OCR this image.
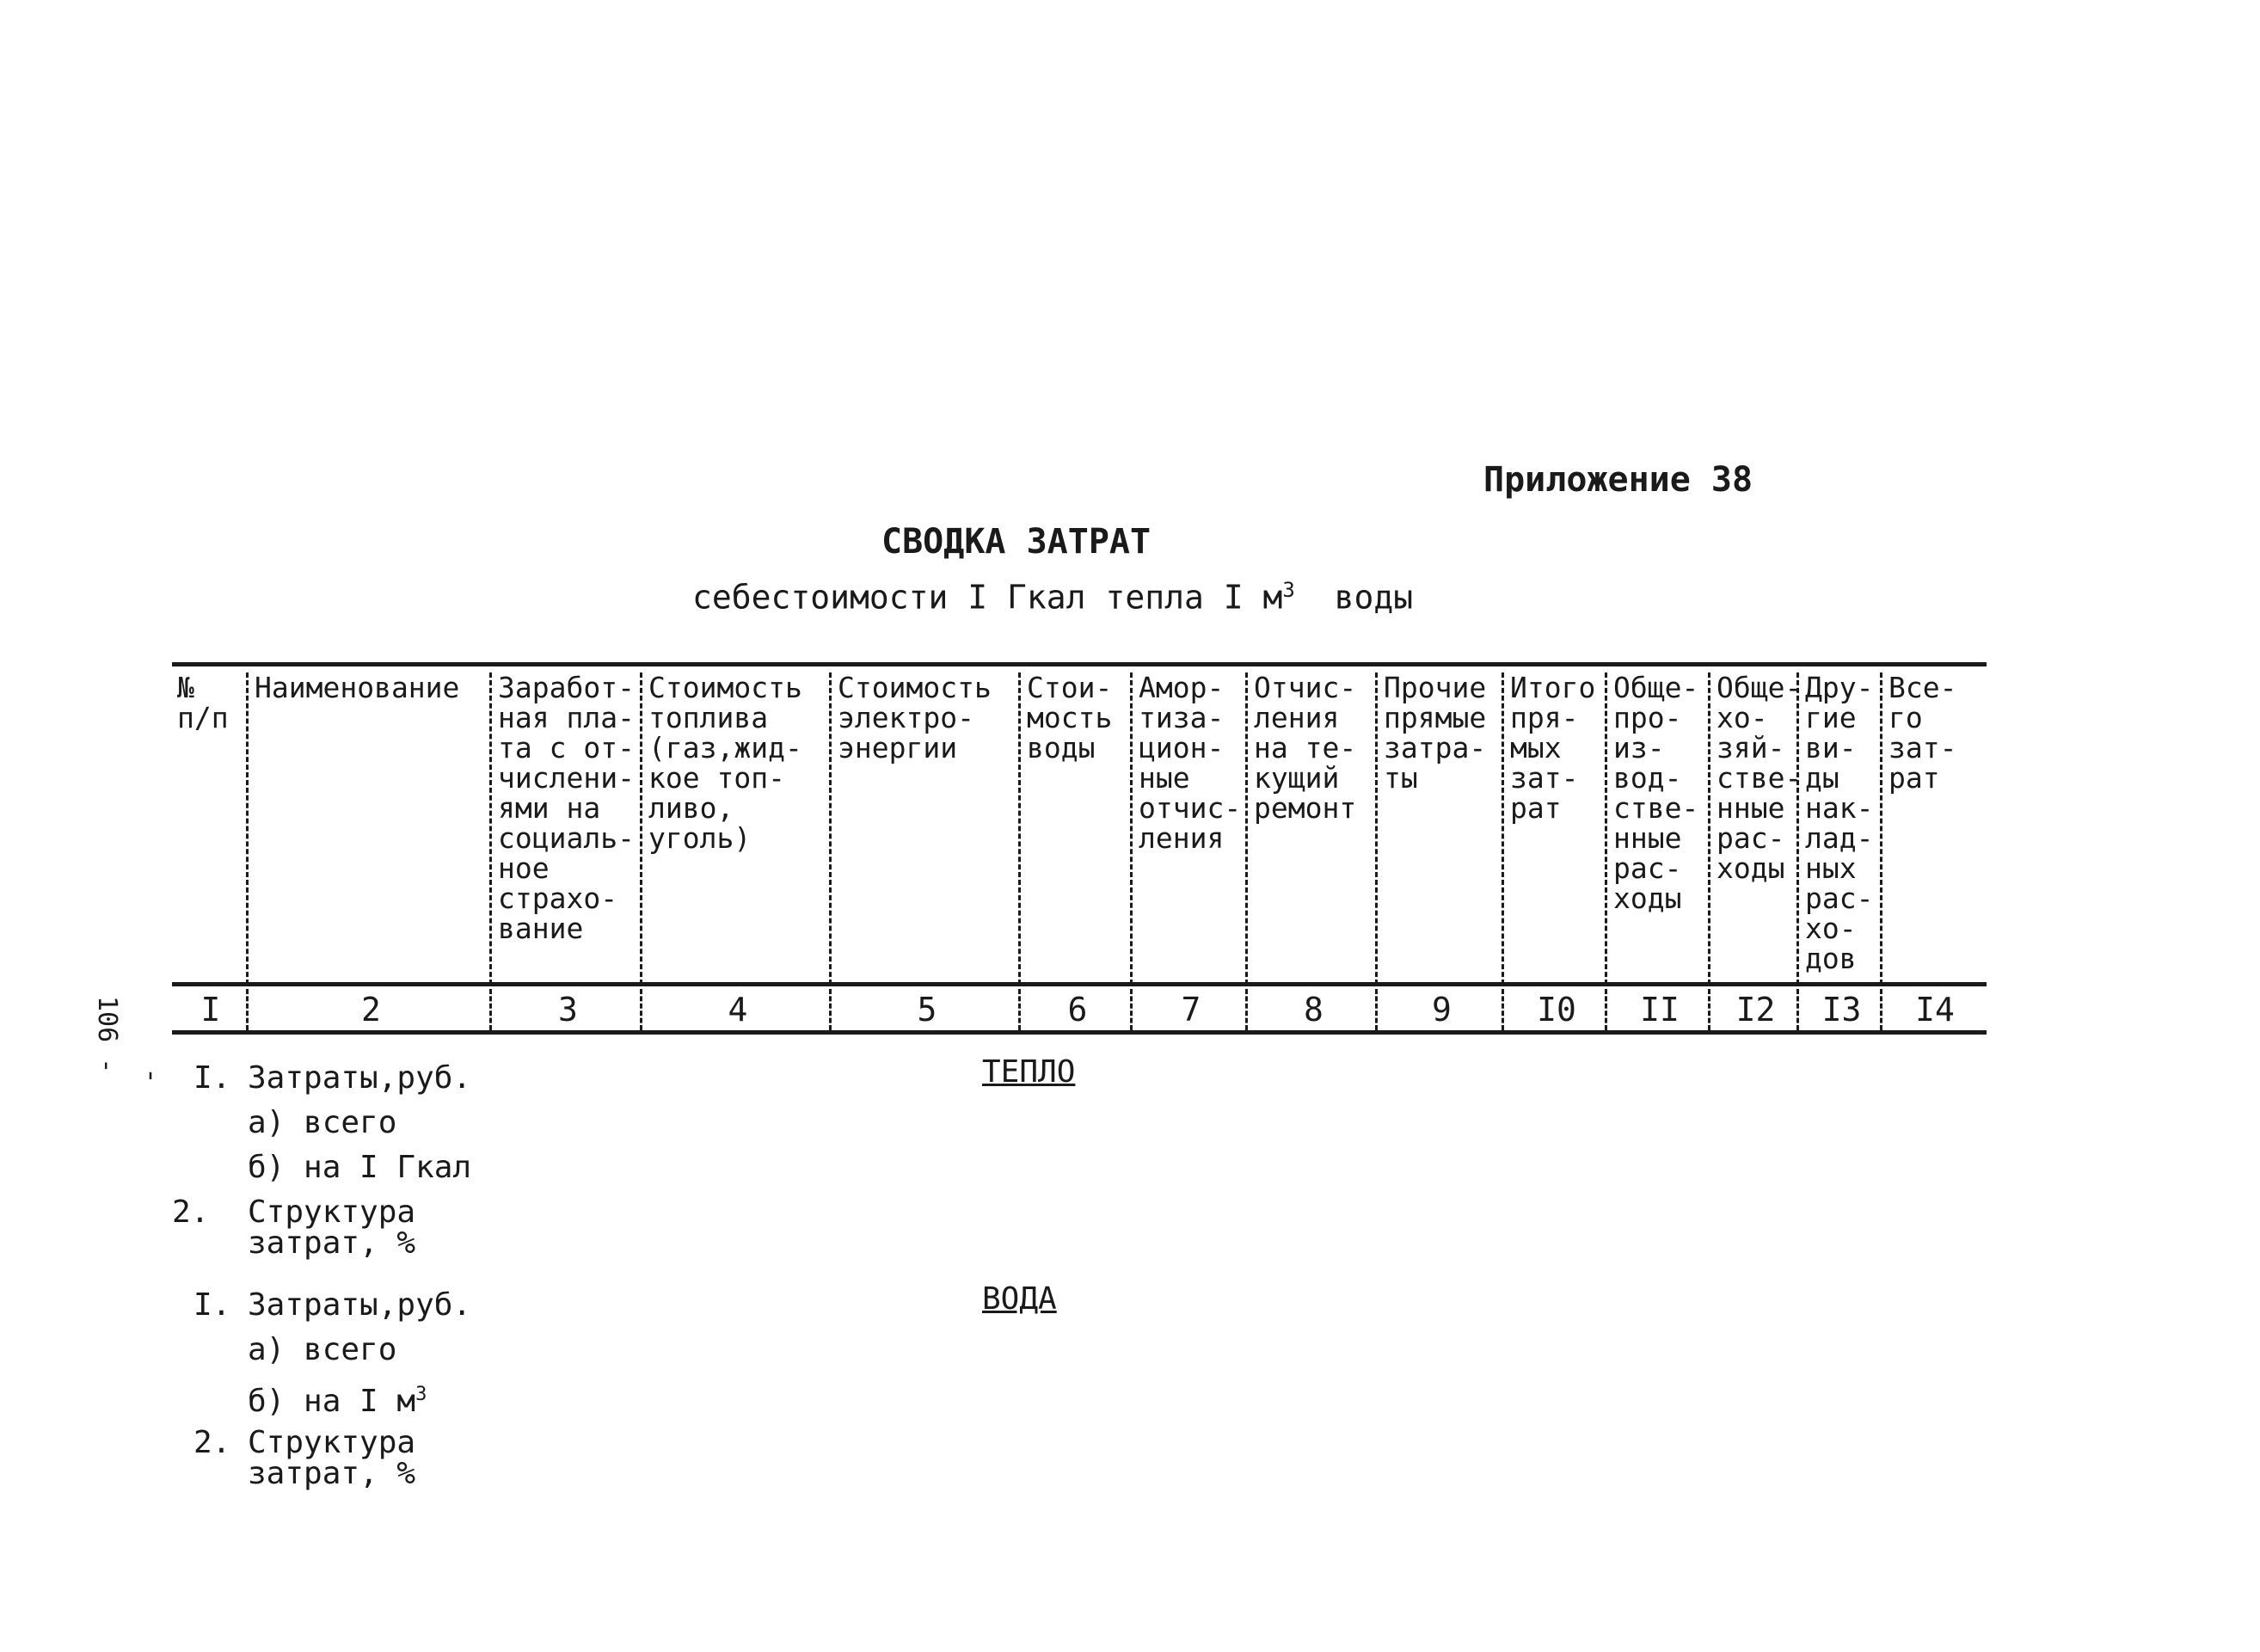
Приложение 38
СВОДКА ЗАТРАТ
себестоимости I Гкал тепла I $м^3$ воды
№
п/п
I
Наименование
2
Заработ-
ная пла-
та с от-
числени-
ями на
социаль-
ное
страхо-
вание
3
Стоимость
топлива
(газ,жид-
кое топ-
ливо,
уголь)
4
Стоимость
электро-
энергии
5
Стои-
мость
воды
6
Амор-
тиза-
цион-
ные
отчис-
ления
7
Отчис-
ления
на те-
кущий
ремонт
8
Прочие
прямые
затра-
ты
9
Итого
пря-
мых
зат-
рат
I0
Обще-
про-
из-
вод-
стве-
нные
рас-
ходы
II
Обще-
хо-
зяй-
стве-
нные
рас-
ходы
I2
Дру-
гие
ви-
ды
нак-
лад-
ных
рас-
хо-
дов
I3
Все-
го
зат-
рат
I4
106 -
'	ТЕПЛО
I. Затраты,руб.
а) всего
б) на I Гкал
2. Структура
затрат, %
ВОДА
I. Затраты,руб.
а) всего
б) на I $м^3$
2. Структура
затрат, %
